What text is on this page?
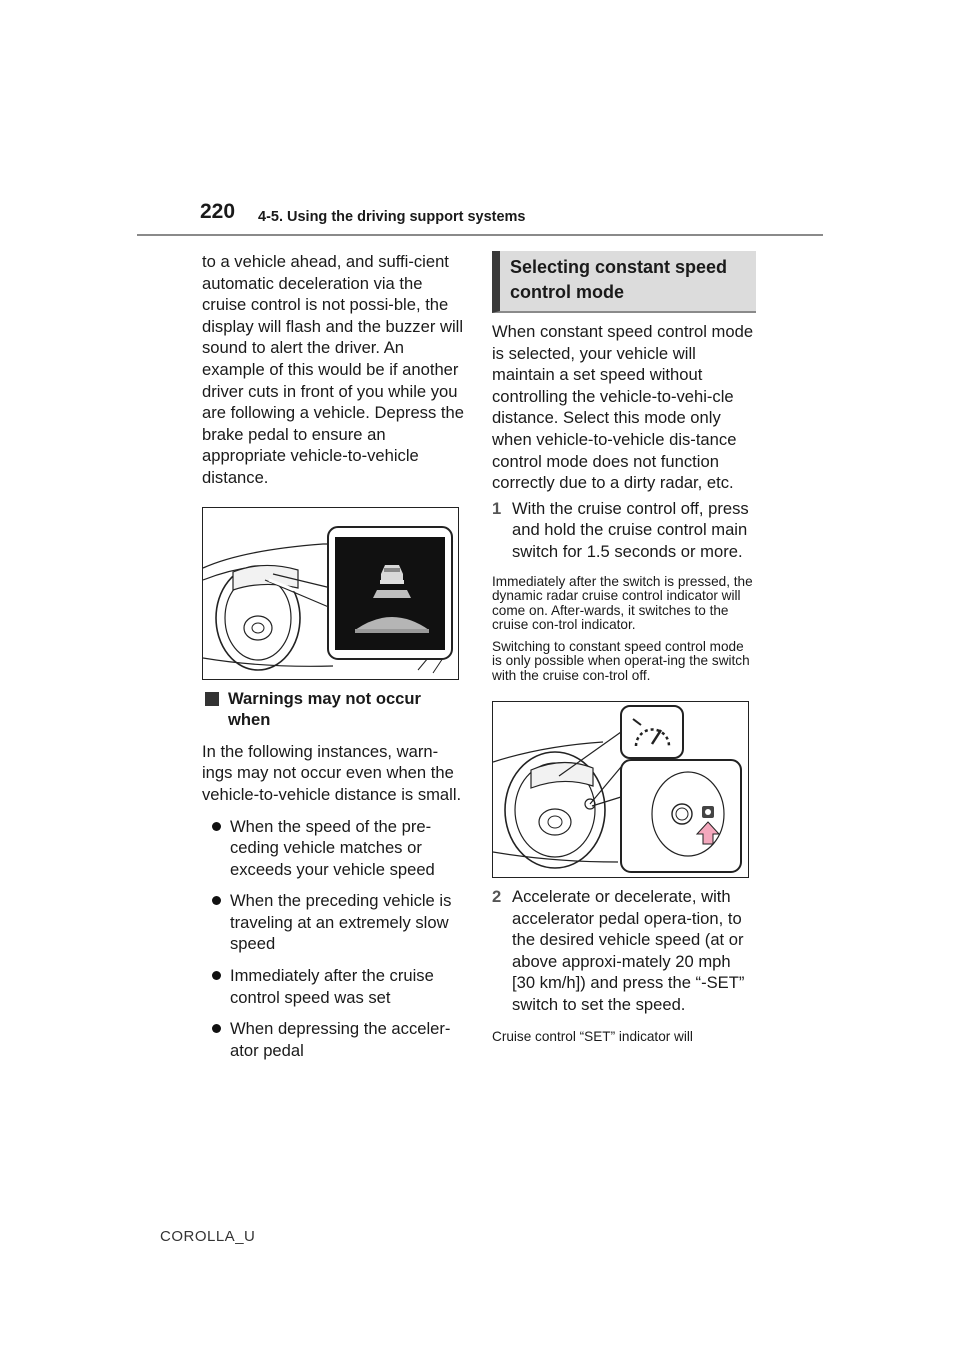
220 4-5. Using the driving support systems

to a vehicle ahead, and suffi-cient automatic deceleration via the cruise control is not possi-ble, the display will flash and the buzzer will sound to alert the driver. An example of this would be if another driver cuts in front of you while you are following a vehicle. Depress the brake pedal to ensure an appropriate vehicle-to-vehicle distance.

Warnings may not occur when

In the following instances, warn-ings may not occur even when the vehicle-to-vehicle distance is small.

When the speed of the pre-ceding vehicle matches or exceeds your vehicle speed
When the preceding vehicle is traveling at an extremely slow speed
Immediately after the cruise control speed was set
When depressing the acceler-ator pedal
Selecting constant speed control mode

When constant speed control mode is selected, your vehicle will maintain a set speed without controlling the vehicle-to-vehi-cle distance. Select this mode only when vehicle-to-vehicle dis-tance control mode does not function correctly due to a dirty radar, etc.

1 With the cruise control off, press and hold the cruise control main switch for 1.5 seconds or more.

Immediately after the switch is pressed, the dynamic radar cruise control indicator will come on. After-wards, it switches to the cruise con-trol indicator.

Switching to constant speed control mode is only possible when operat-ing the switch with the cruise con-trol off.

2 Accelerate or decelerate, with accelerator pedal opera-tion, to the desired vehicle speed (at or above approxi-mately 20 mph [30 km/h]) and press the “-SET” switch to set the speed.

Cruise control “SET” indicator will

COROLLA_U
